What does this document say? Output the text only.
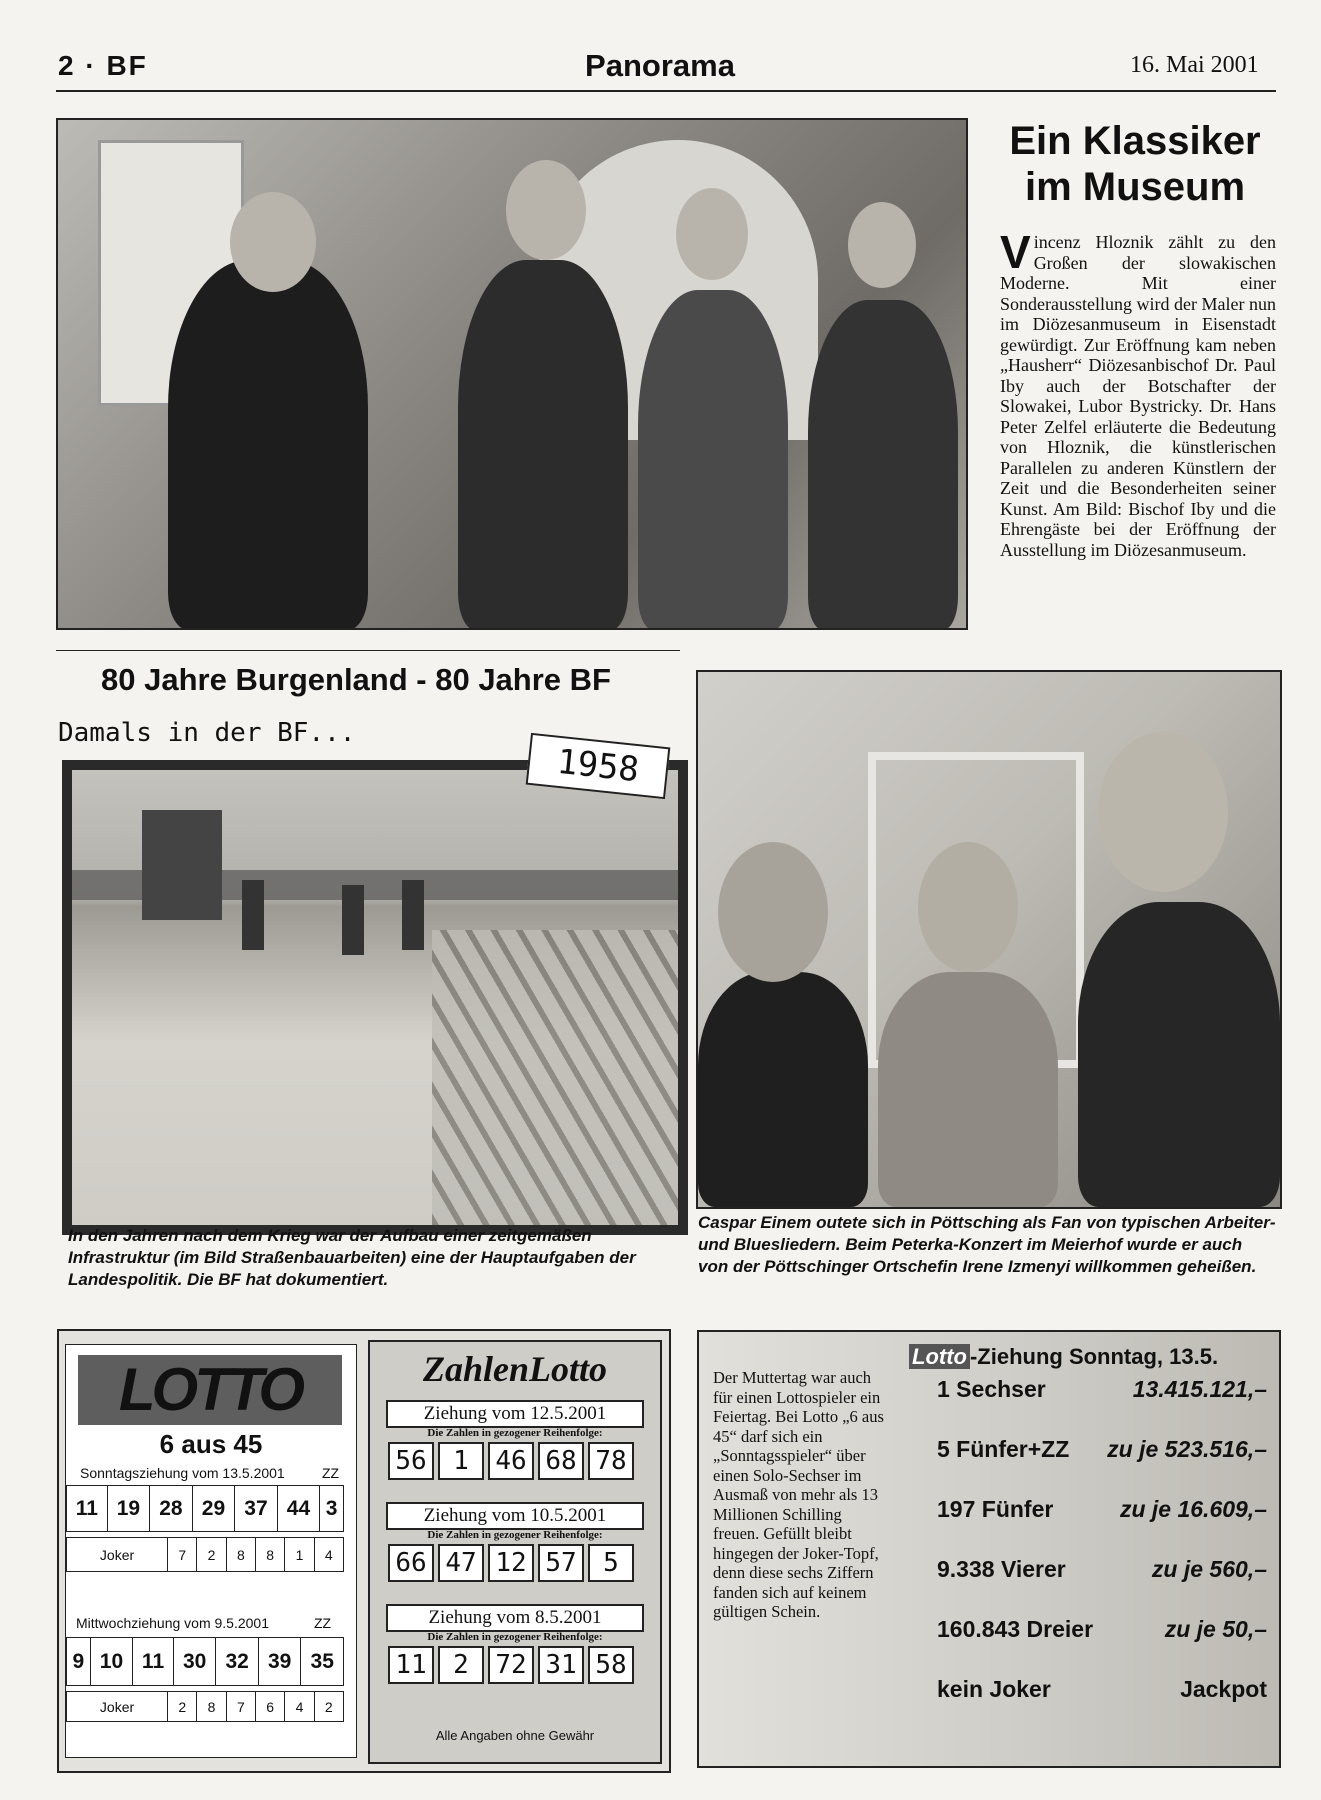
2 · BF	Panorama	16. Mai 2001
Ein Klassiker
im Museum
Vincenz Hloznik zählt zu den Großen der slowakischen Moderne. Mit einer Sonderausstellung wird der Maler nun im Diözesanmuseum in Eisenstadt gewürdigt. Zur Eröffnung kam neben „Hausherr“ Diözesanbischof Dr. Paul Iby auch der Botschafter der Slowakei, Lubor Bystricky. Dr. Hans Peter Zelfel erläuterte die Bedeutung von Hloznik, die künstlerischen Parallelen zu anderen Künstlern der Zeit und die Besonderheiten seiner Kunst. Am Bild: Bischof Iby und die Ehrengäste bei der Eröffnung der Ausstellung im Diözesanmuseum.
80 Jahre Burgenland - 80 Jahre BF
Damals in der BF...
1958
In den Jahren nach dem Krieg war der Aufbau einer zeitgemäßen Infrastruktur (im Bild Straßenbauarbeiten) eine der Hauptaufgaben der Landespolitik. Die BF hat dokumentiert.
Caspar Einem outete sich in Pöttsching als Fan von typischen Arbeiter- und Bluesliedern. Beim Peterka-Konzert im Meierhof wurde er auch von der Pöttschinger Ortschefin Irene Izmenyi willkommen geheißen.
LOTTO
6 aus 45
Sonntagsziehung vom 13.5.2001	ZZ
11	19	28	29	37	44	3
Joker	7	2	8	8	1	4
Mittwochziehung vom 9.5.2001	ZZ
9	10	11	30	32	39	35
Joker	2	8	7	6	4	2
ZahlenLotto
Ziehung vom 12.5.2001
Die Zahlen in gezogener Reihenfolge:
56 1 46 68 78
Ziehung vom 10.5.2001
Die Zahlen in gezogener Reihenfolge:
66 47 12 57 5
Ziehung vom 8.5.2001
Die Zahlen in gezogener Reihenfolge:
11 2 72 31 58
Alle Angaben ohne Gewähr
Der Muttertag war auch für einen Lottospieler ein Feiertag. Bei Lotto „6 aus 45“ darf sich ein „Sonntagsspieler“ über einen Solo-Sechser im Ausmaß von mehr als 13 Millionen Schilling freuen. Gefüllt bleibt hingegen der Joker-Topf, denn diese sechs Ziffern fanden sich auf keinem gültigen Schein.
Lotto -Ziehung Sonntag, 13.5.
1 Sechser	13.415.121,–
5 Fünfer+ZZ zu je 523.516,–
197 Fünfer	zu je 16.609,–
9.338 Vierer	zu je 560,–
160.843 Dreier	zu je 50,–
kein Joker	Jackpot
